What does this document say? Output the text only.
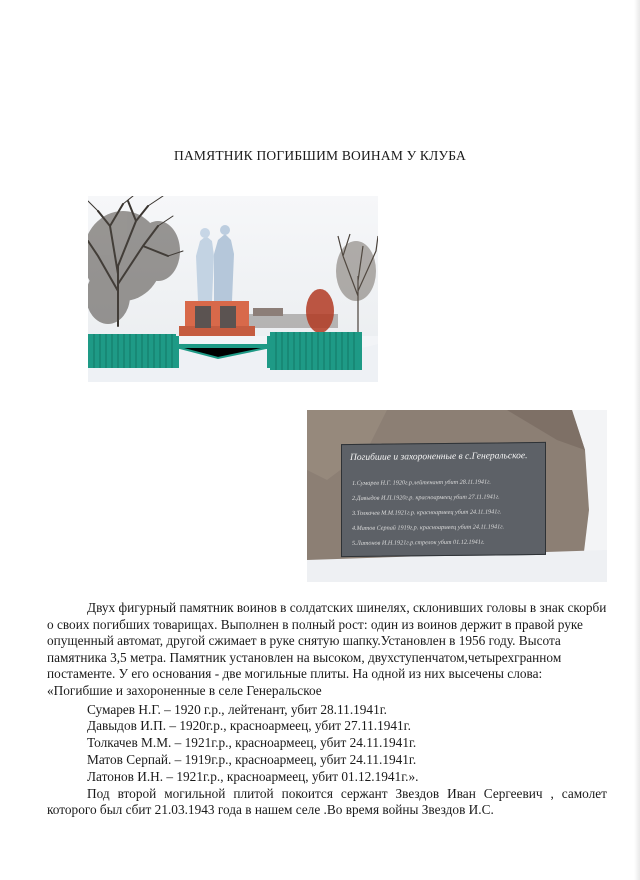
ПАМЯТНИК ПОГИБШИМ ВОИНАМ У КЛУБА
Погибшие и захороненные в с.Генеральское.
1.Сумарев Н.Г. 1920г.р.лейтенант убит 28.11.1941г.
2.Давыдов И.П.1920г.р. красноармеец убит 27.11.1941г.
3.Толкачев М.М.1921г.р. красноармеец убит 24.11.1941г.
4.Матов Серпай 1919г.р. красноармеец убит 24.11.1941г.
5.Латонов И.Н.1921г.р.стрелок убит 01.12.1941г.

Двух фигурный памятник воинов в солдатских шинелях, склонивших головы в знак скорби о своих погибших товарищах. Выполнен в полный рост: один из воинов держит в правой руке опущенный автомат, другой сжимает в руке снятую шапку.Установлен в 1956 году. Высота памятника 3,5 метра. Памятник установлен на высоком, двухступенчатом,четырехгранном постаменте. У его основания - две могильные плиты. На одной из них высечены слова: «Погибшие и захороненные в селе Генеральское

Сумарев Н.Г. – 1920 г.р., лейтенант, убит 28.11.1941г.
Давыдов И.П. – 1920г.р., красноармеец, убит 27.11.1941г.
Толкачев М.М. – 1921г.р., красноармеец, убит 24.11.1941г.
Матов Серпай. – 1919г.р., красноармеец, убит 24.11.1941г.
Латонов И.Н. – 1921г.р., красноармеец, убит 01.12.1941г.».

Под второй могильной плитой покоится сержант Звездов Иван Сергеевич , самолет которого был сбит 21.03.1943 года в нашем селе .Во время войны Звездов И.С.
